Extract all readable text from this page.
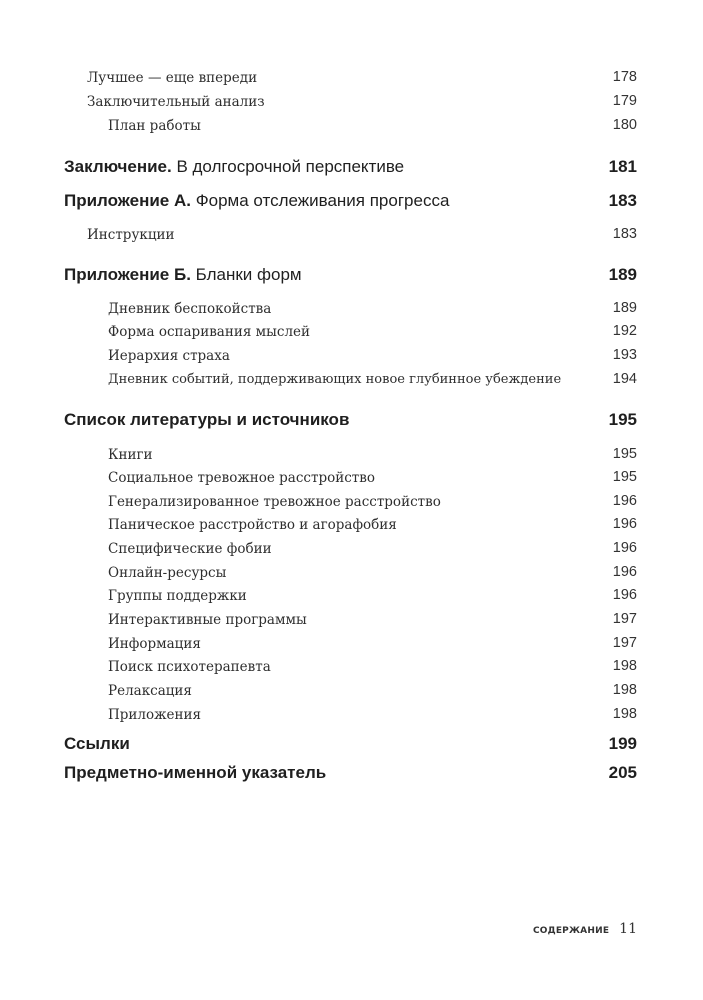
Лучшее — еще впереди	178
Заключительный анализ	179
План работы	180
Заключение. В долгосрочной перспективе	181
Приложение А. Форма отслеживания прогресса	183
Инструкции	183
Приложение Б. Бланки форм	189
Дневник беспокойства	189
Форма оспаривания мыслей	192
Иерархия страха	193
Дневник событий, поддерживающих новое глубинное убеждение	194
Список литературы и источников	195
Книги	195
Социальное тревожное расстройство	195
Генерализированное тревожное расстройство	196
Паническое расстройство и агорафобия	196
Специфические фобии	196
Онлайн-ресурсы	196
Группы поддержки	196
Интерактивные программы	197
Информация	197
Поиск психотерапевта	198
Релаксация	198
Приложения	198
Ссылки	199
Предметно-именной указатель	205
СОДЕРЖАНИЕ 11
